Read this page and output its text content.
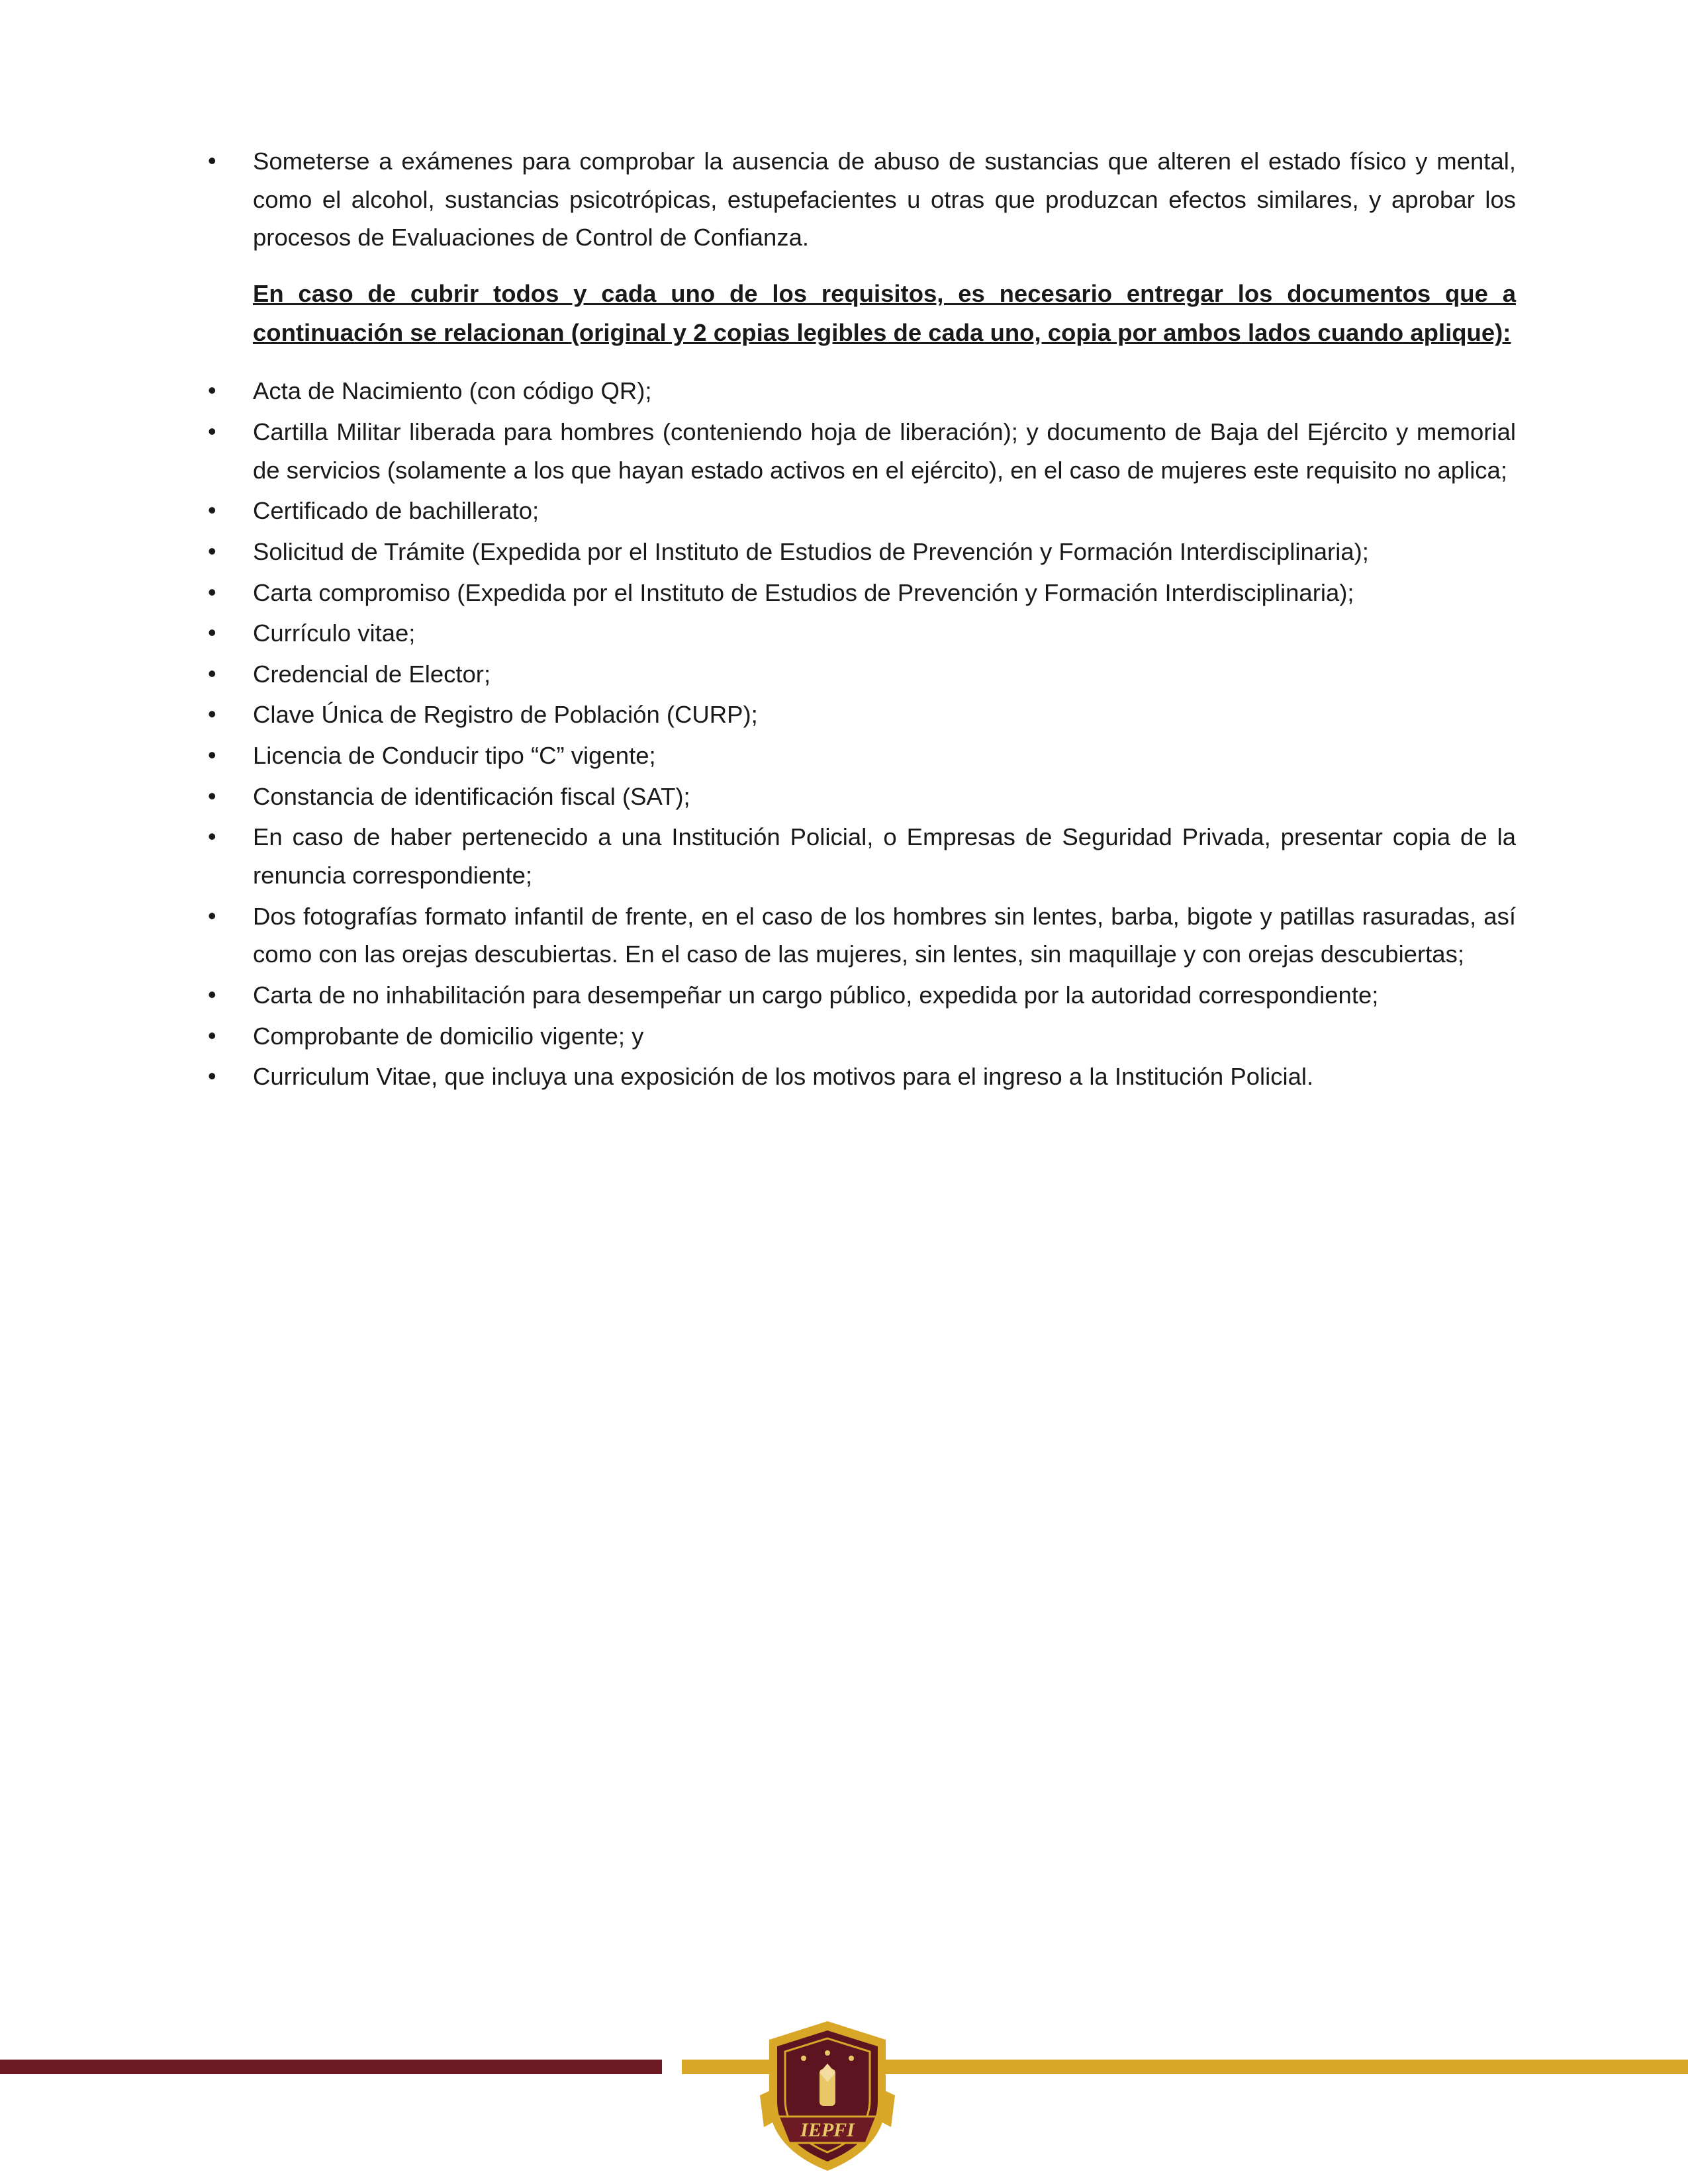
• Someterse a exámenes para comprobar la ausencia de abuso de sustancias que alteren el estado físico y mental, como el alcohol, sustancias psicotrópicas, estupefacientes u otras que produzcan efectos similares, y aprobar los procesos de Evaluaciones de Control de Confianza.
En caso de cubrir todos y cada uno de los requisitos, es necesario entregar los documentos que a continuación se relacionan (original y 2 copias legibles de cada uno, copia por ambos lados cuando aplique):
• Acta de Nacimiento (con código QR);
• Cartilla Militar liberada para hombres (conteniendo hoja de liberación); y documento de Baja del Ejército y memorial de servicios (solamente a los que hayan estado activos en el ejército), en el caso de mujeres este requisito no aplica;
• Certificado de bachillerato;
• Solicitud de Trámite (Expedida por el Instituto de Estudios de Prevención y Formación Interdisciplinaria);
• Carta compromiso (Expedida por el Instituto de Estudios de Prevención y Formación Interdisciplinaria);
• Currículo vitae;
• Credencial de Elector;
• Clave Única de Registro de Población (CURP);
• Licencia de Conducir tipo “C” vigente;
• Constancia de identificación fiscal (SAT);
• En caso de haber pertenecido a una Institución Policial, o Empresas de Seguridad Privada, presentar copia de la renuncia correspondiente;
• Dos fotografías formato infantil de frente, en el caso de los hombres sin lentes, barba, bigote y patillas rasuradas, así como con las orejas descubiertas. En el caso de las mujeres, sin lentes, sin maquillaje y con orejas descubiertas;
• Carta de no inhabilitación para desempeñar un cargo público, expedida por la autoridad correspondiente;
• Comprobante de domicilio vigente; y
• Curriculum Vitae, que incluya una exposición de los motivos para el ingreso a la Institución Policial.
IEPFI
